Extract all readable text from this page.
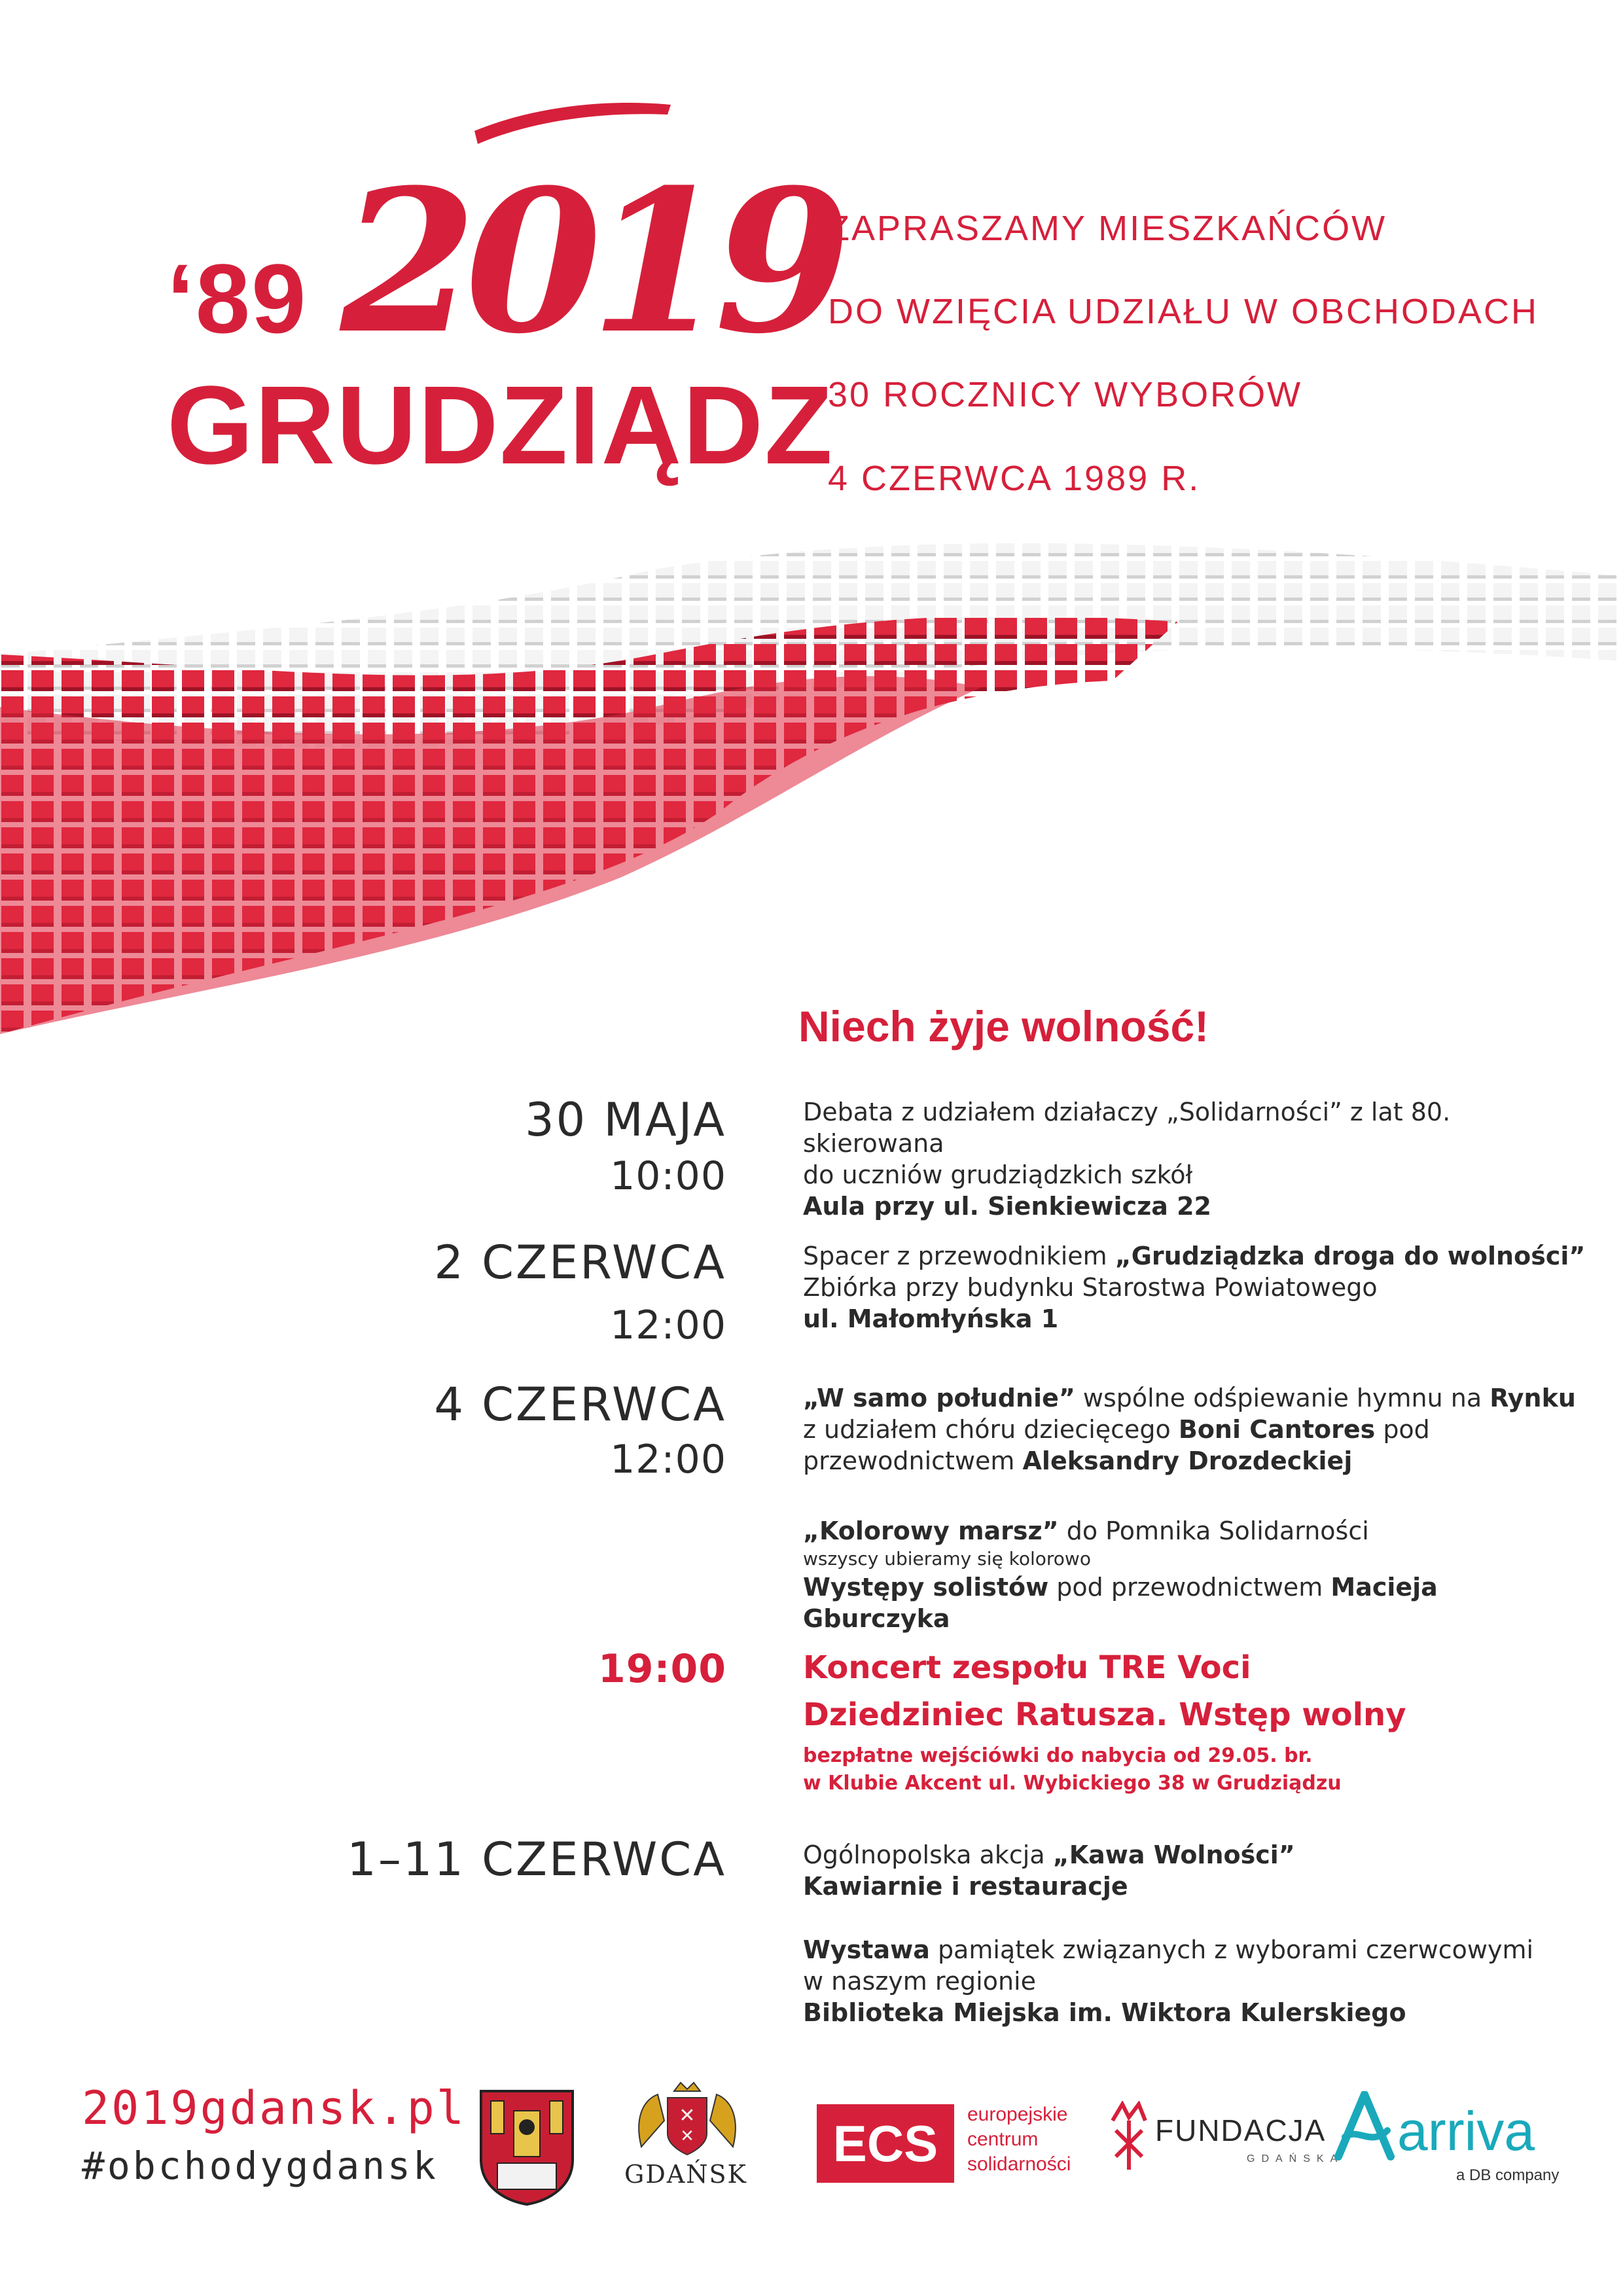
‘89 2019
GRUDZIĄDZ
ZAPRASZAMY MIESZKAŃCÓW
DO WZIĘCIA UDZIAŁU W OBCHODACH
30 ROCZNICY WYBORÓW
4 CZERWCA 1989 R.
Niech żyje wolność!
30 MAJA
10:00
Debata z udziałem działaczy „Solidarności” z lat 80. skierowana
do uczniów grudziądzkich szkół
Aula przy ul. Sienkiewicza 22
2 CZERWCA
12:00
Spacer z przewodnikiem „Grudziądzka droga do wolności”
Zbiórka przy budynku Starostwa Powiatowego
ul. Małomłyńska 1
4 CZERWCA
12:00
„W samo południe” wspólne odśpiewanie hymnu na Rynku
z udziałem chóru dziecięcego Boni Cantores pod
przewodnictwem Aleksandry Drozdeckiej
„Kolorowy marsz” do Pomnika Solidarności
wszyscy ubieramy się kolorowo
Występy solistów pod przewodnictwem Macieja Gburczyka
19:00 Koncert zespołu TRE Voci
Dziedziniec Ratusza. Wstęp wolny
bezpłatne wejściówki do nabycia od 29.05. br.
w Klubie Akcent ul. Wybickiego 38 w Grudziądzu
1–11 CZERWCA	Ogólnopolska akcja „Kawa Wolności”
Kawiarnie i restauracje
Wystawa pamiątek związanych z wyborami czerwcowymi
w naszym regionie
Biblioteka Miejska im. Wiktora Kulerskiego
2019gdansk.pl
#obchodygdansk
✕
✕
GDAŃSK
ECS	europejskie
centrum
solidarności
FUNDACJA
GDAŃSKA arriva
a DB company
